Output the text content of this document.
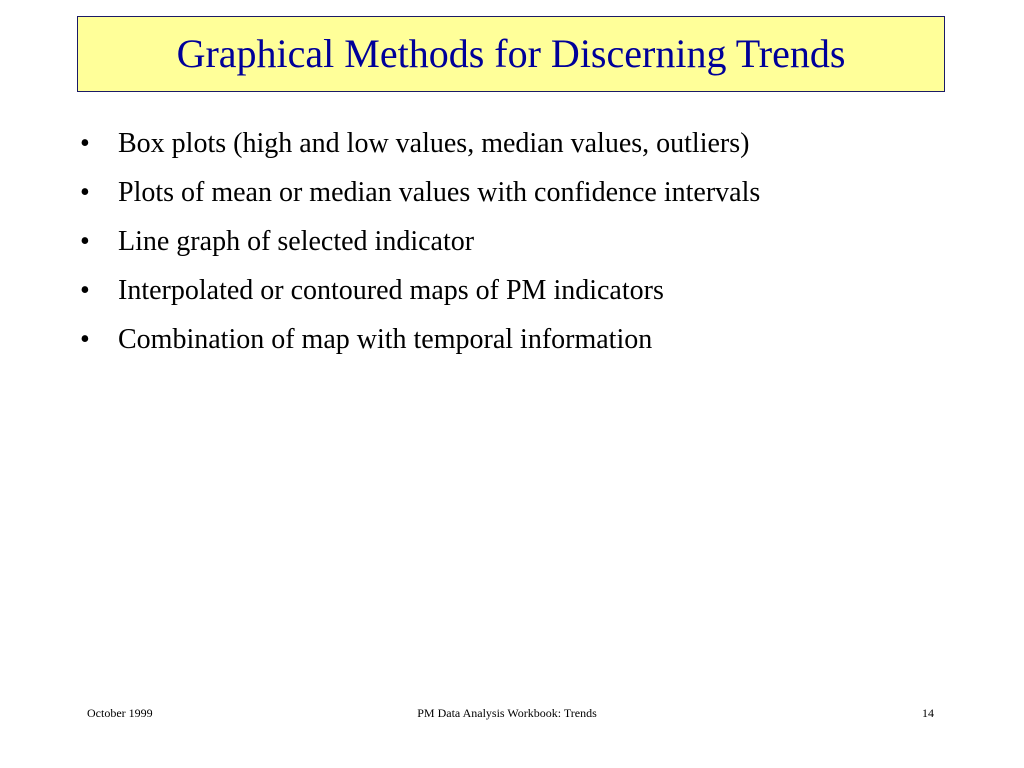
Graphical Methods for Discerning Trends
•	Box plots (high and low values, median values, outliers)
•	Plots of mean or median values with confidence intervals
•	Line graph of selected indicator
•	Interpolated or contoured maps of PM indicators
•	Combination of map with temporal information
October 1999	PM Data Analysis Workbook: Trends	14
